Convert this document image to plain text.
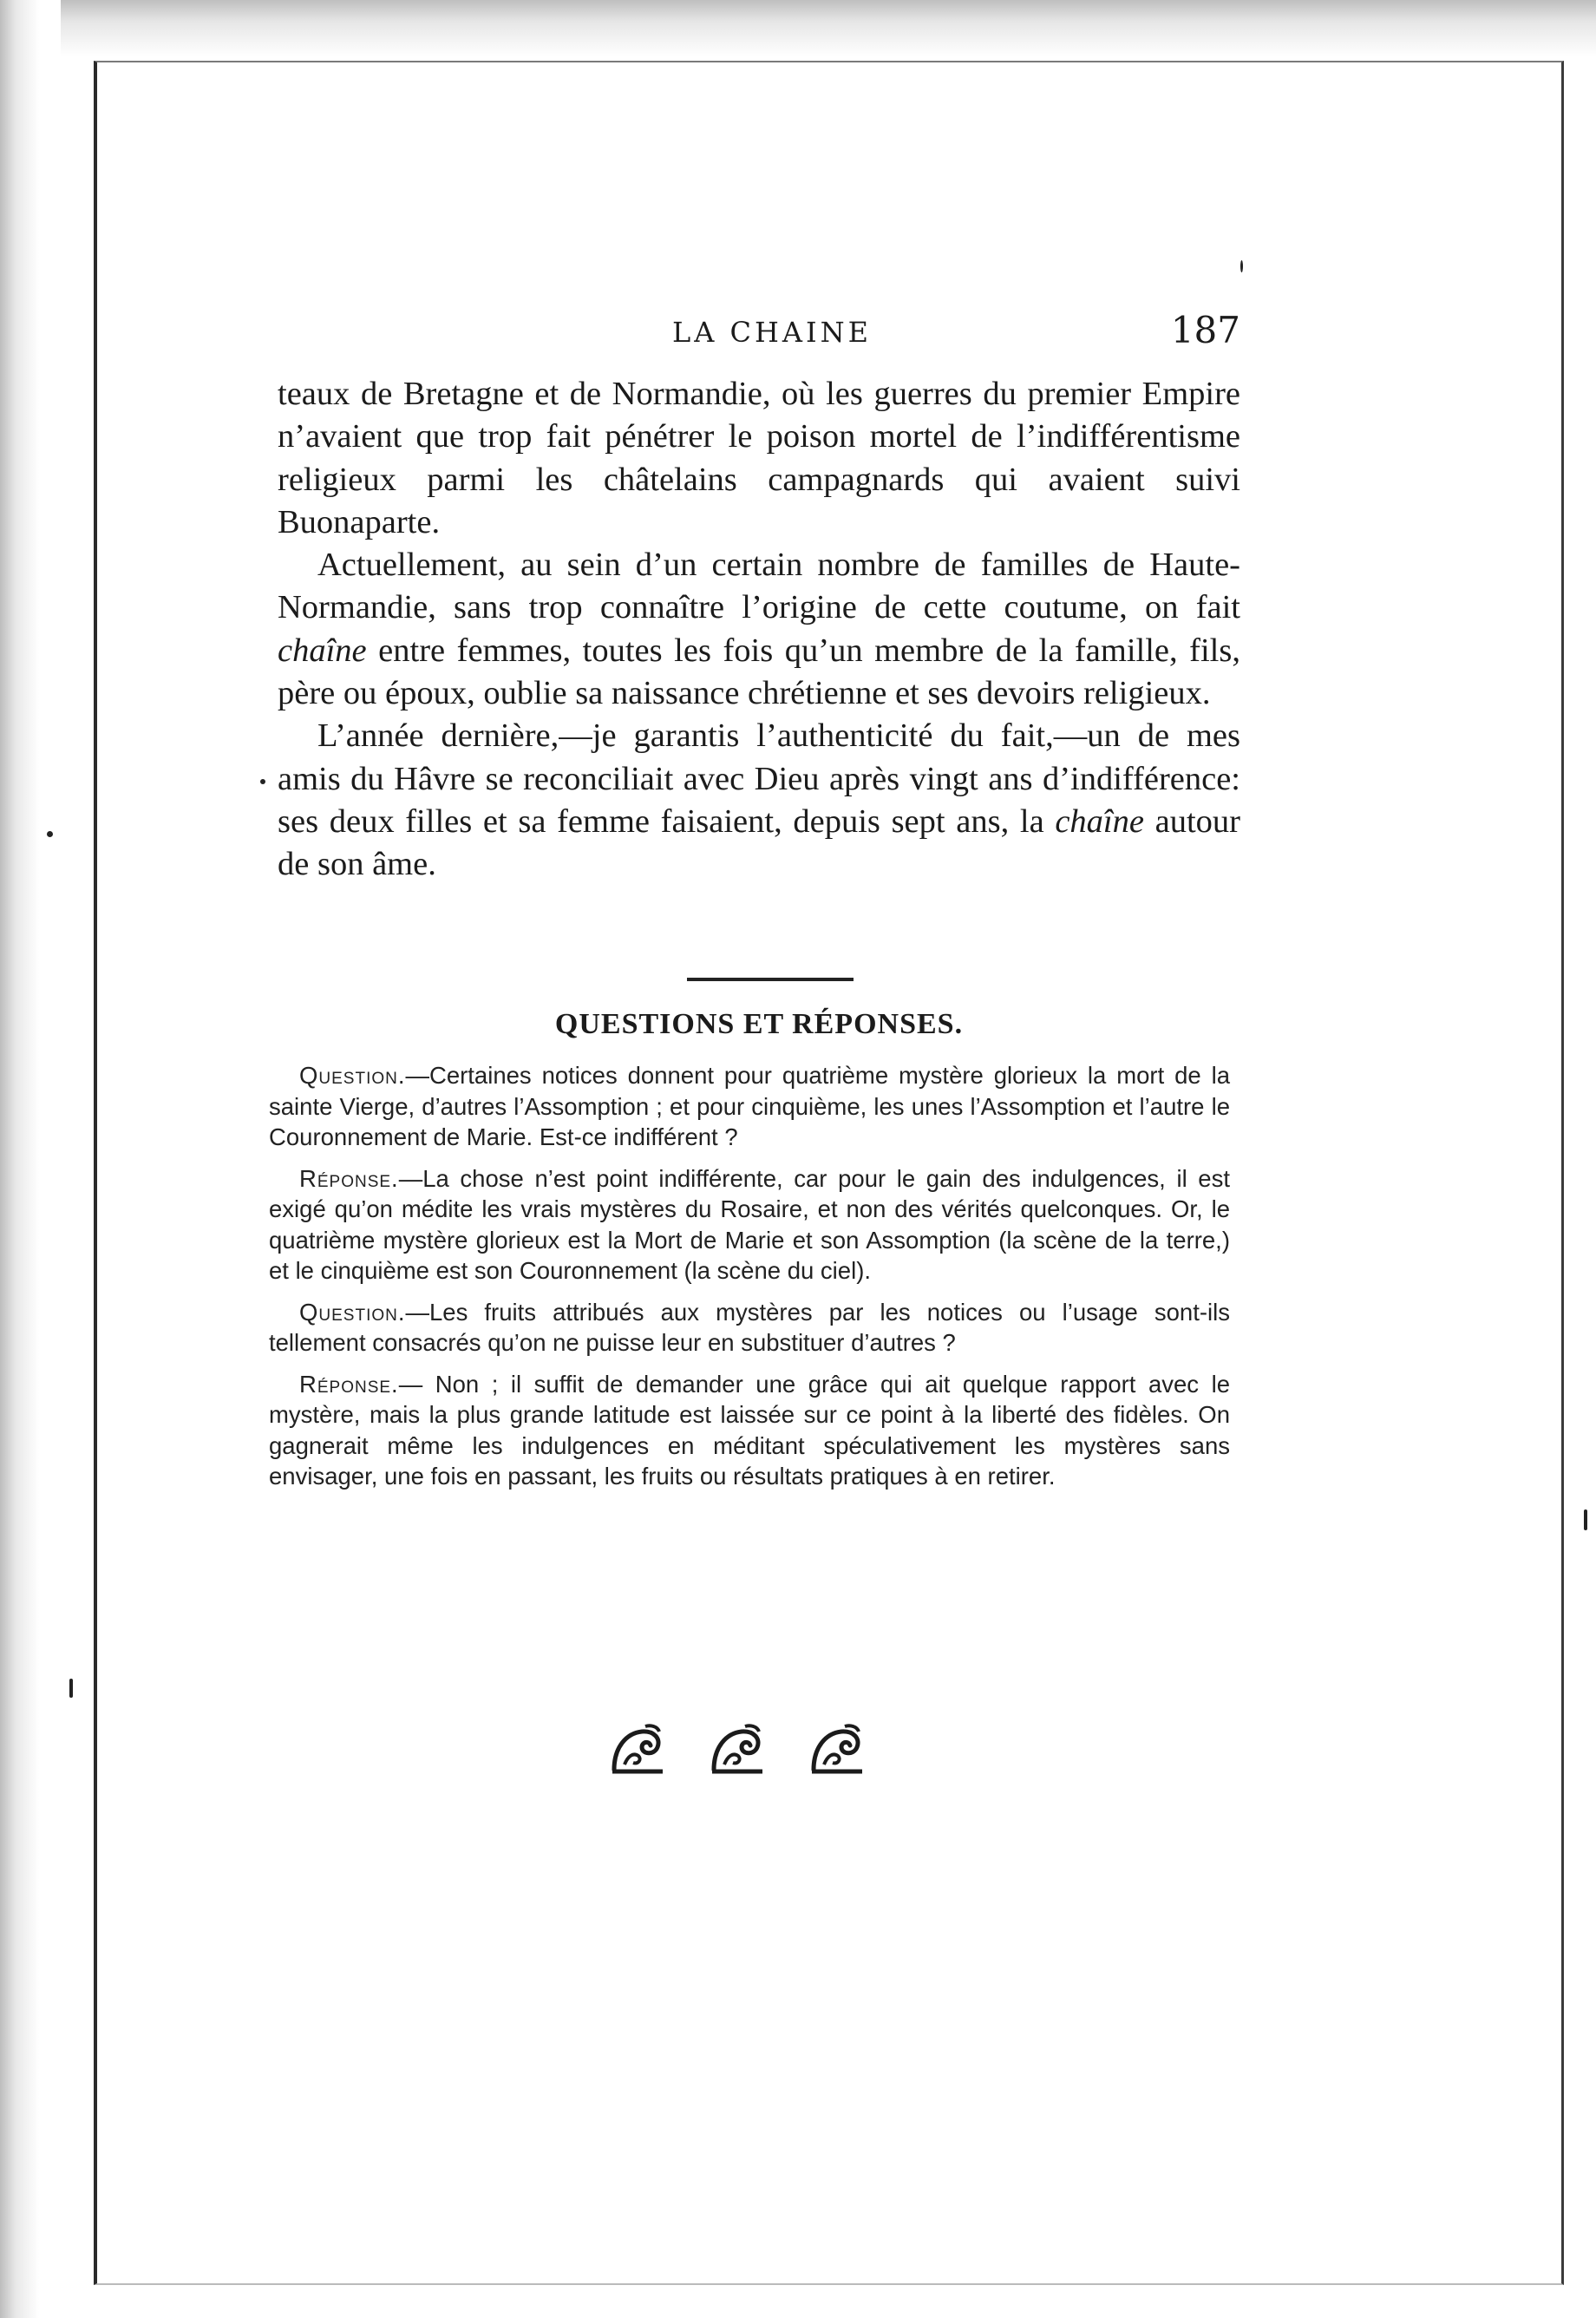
LA CHAINE	187

teaux de Bretagne et de Normandie, où les guerres du premier Empire n’avaient que trop fait pénétrer le poison mortel de l’indifférentisme religieux parmi les châtelains campagnards qui avaient suivi Buonaparte.

Actuellement, au sein d’un certain nombre de familles de Haute-Normandie, sans trop connaître l’origine de cette coutume, on fait chaîne entre femmes, toutes les fois qu’un membre de la famille, fils, père ou époux, oublie sa naissance chrétienne et ses devoirs religieux.

L’année dernière,—je garantis l’authenticité du fait,—un de mes amis du Hâvre se reconciliait avec Dieu après vingt ans d’indifférence: ses deux filles et sa femme faisaient, depuis sept ans, la chaîne autour de son âme.

QUESTIONS ET RÉPONSES.

Question.—Certaines notices donnent pour quatrième mystère glorieux la mort de la sainte Vierge, d’autres l’Assomption ; et pour cinquième, les unes l’Assomption et l’autre le Couronnement de Marie. Est-ce indifférent ?

Réponse.—La chose n’est point indifférente, car pour le gain des indulgences, il est exigé qu’on médite les vrais mystères du Rosaire, et non des vérités quelconques. Or, le quatrième mystère glorieux est la Mort de Marie et son Assomption (la scène de la terre,) et le cinquième est son Couronnement (la scène du ciel).

Question.—Les fruits attribués aux mystères par les notices ou l’usage sont-ils tellement consacrés qu’on ne puisse leur en substituer d’autres ?

Réponse.— Non ; il suffit de demander une grâce qui ait quelque rapport avec le mystère, mais la plus grande latitude est laissée sur ce point à la liberté des fidèles. On gagnerait même les indulgences en méditant spéculativement les mystères sans envisager, une fois en passant, les fruits ou résultats pratiques à en retirer.
